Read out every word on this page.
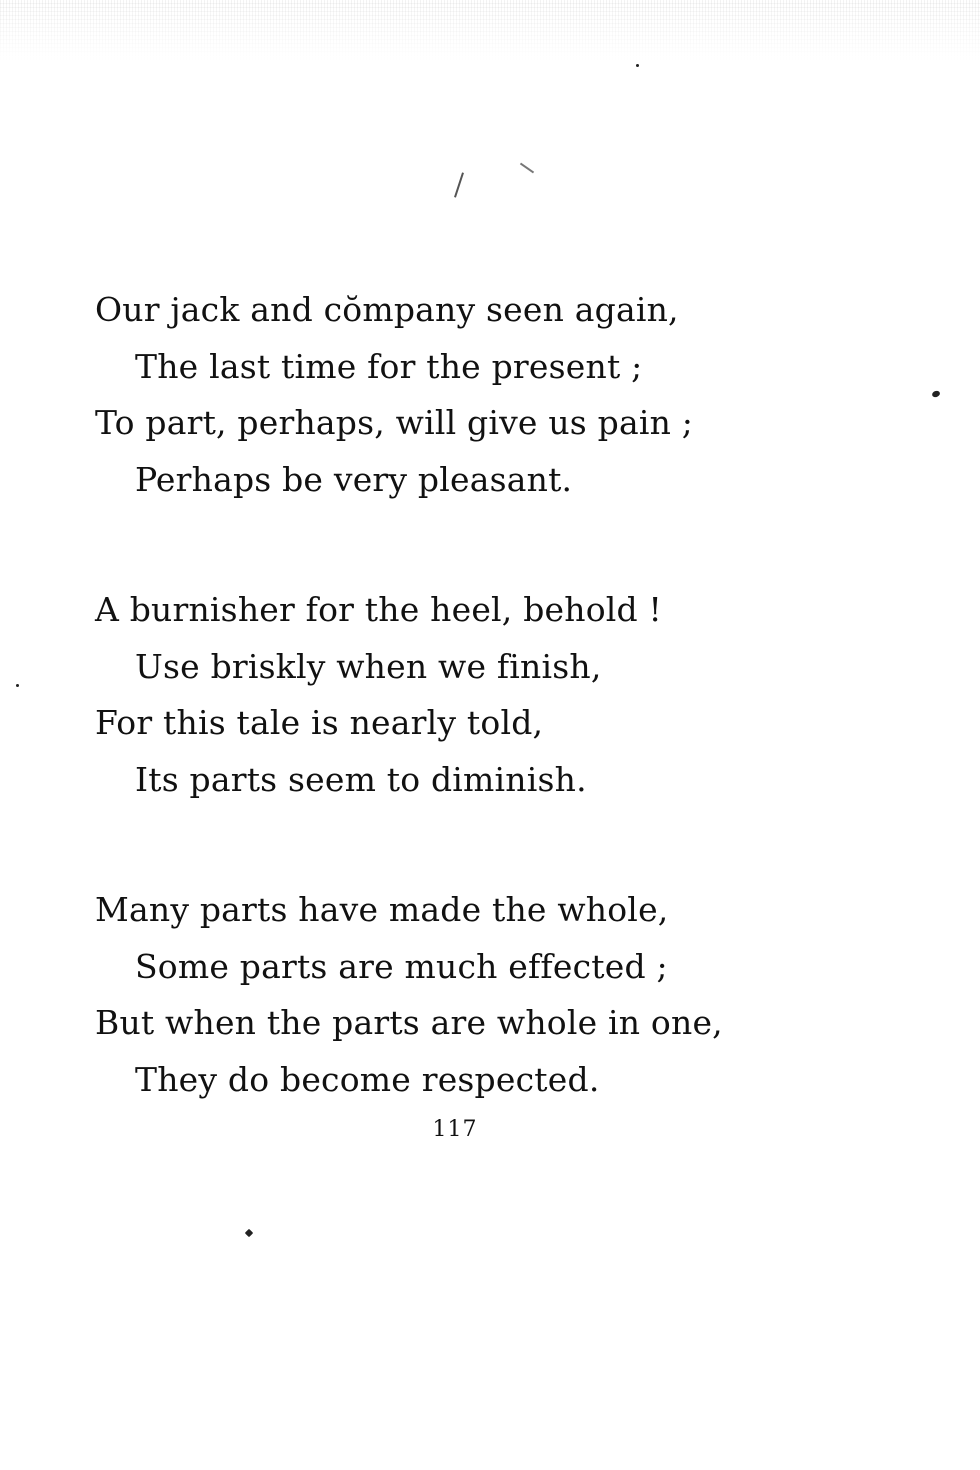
Our jack and cŏmpany seen again,
The last time for the present ;
To part, perhaps, will give us pain ;
Perhaps be very pleasant.
A burnisher for the heel, behold !
Use briskly when we finish,
For this tale is nearly told,
Its parts seem to diminish.
Many parts have made the whole,
Some parts are much effected ;
But when the parts are whole in one,
They do become respected.
117
